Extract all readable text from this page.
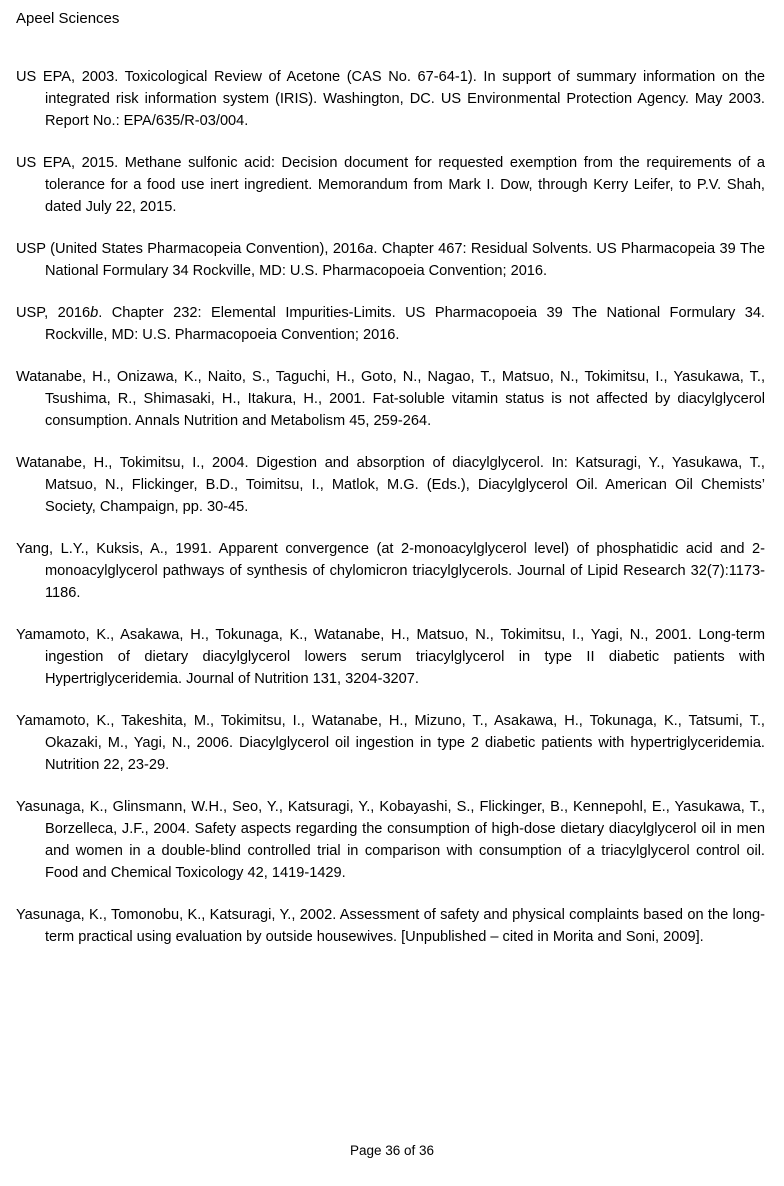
Apeel Sciences

US EPA, 2003. Toxicological Review of Acetone (CAS No. 67-64-1). In support of summary information on the integrated risk information system (IRIS). Washington, DC. US Environmental Protection Agency. May 2003. Report No.: EPA/635/R-03/004.

US EPA, 2015. Methane sulfonic acid: Decision document for requested exemption from the requirements of a tolerance for a food use inert ingredient. Memorandum from Mark I. Dow, through Kerry Leifer, to P.V. Shah, dated July 22, 2015.

USP (United States Pharmacopeia Convention), 2016a. Chapter 467: Residual Solvents. US Pharmacopeia 39 The National Formulary 34 Rockville, MD: U.S. Pharmacopoeia Convention; 2016.

USP, 2016b. Chapter 232: Elemental Impurities-Limits. US Pharmacopoeia 39 The National Formulary 34. Rockville, MD: U.S. Pharmacopoeia Convention; 2016.

Watanabe, H., Onizawa, K., Naito, S., Taguchi, H., Goto, N., Nagao, T., Matsuo, N., Tokimitsu, I., Yasukawa, T., Tsushima, R., Shimasaki, H., Itakura, H., 2001. Fat-soluble vitamin status is not affected by diacylglycerol consumption. Annals Nutrition and Metabolism 45, 259-264.

Watanabe, H., Tokimitsu, I., 2004. Digestion and absorption of diacylglycerol. In: Katsuragi, Y., Yasukawa, T., Matsuo, N., Flickinger, B.D., Toimitsu, I., Matlok, M.G. (Eds.), Diacylglycerol Oil. American Oil Chemists’ Society, Champaign, pp. 30-45.

Yang, L.Y., Kuksis, A., 1991. Apparent convergence (at 2-monoacylglycerol level) of phosphatidic acid and 2-monoacylglycerol pathways of synthesis of chylomicron triacylglycerols. Journal of Lipid Research 32(7):1173-1186.

Yamamoto, K., Asakawa, H., Tokunaga, K., Watanabe, H., Matsuo, N., Tokimitsu, I., Yagi, N., 2001. Long-term ingestion of dietary diacylglycerol lowers serum triacylglycerol in type II diabetic patients with Hypertriglyceridemia. Journal of Nutrition 131, 3204-3207.

Yamamoto, K., Takeshita, M., Tokimitsu, I., Watanabe, H., Mizuno, T., Asakawa, H., Tokunaga, K., Tatsumi, T., Okazaki, M., Yagi, N., 2006. Diacylglycerol oil ingestion in type 2 diabetic patients with hypertriglyceridemia. Nutrition 22, 23-29.

Yasunaga, K., Glinsmann, W.H., Seo, Y., Katsuragi, Y., Kobayashi, S., Flickinger, B., Kennepohl, E., Yasukawa, T., Borzelleca, J.F., 2004. Safety aspects regarding the consumption of high-dose dietary diacylglycerol oil in men and women in a double-blind controlled trial in comparison with consumption of a triacylglycerol control oil. Food and Chemical Toxicology 42, 1419-1429.

Yasunaga, K., Tomonobu, K., Katsuragi, Y., 2002. Assessment of safety and physical complaints based on the long-term practical using evaluation by outside housewives. [Unpublished – cited in Morita and Soni, 2009].

Page 36 of 36
